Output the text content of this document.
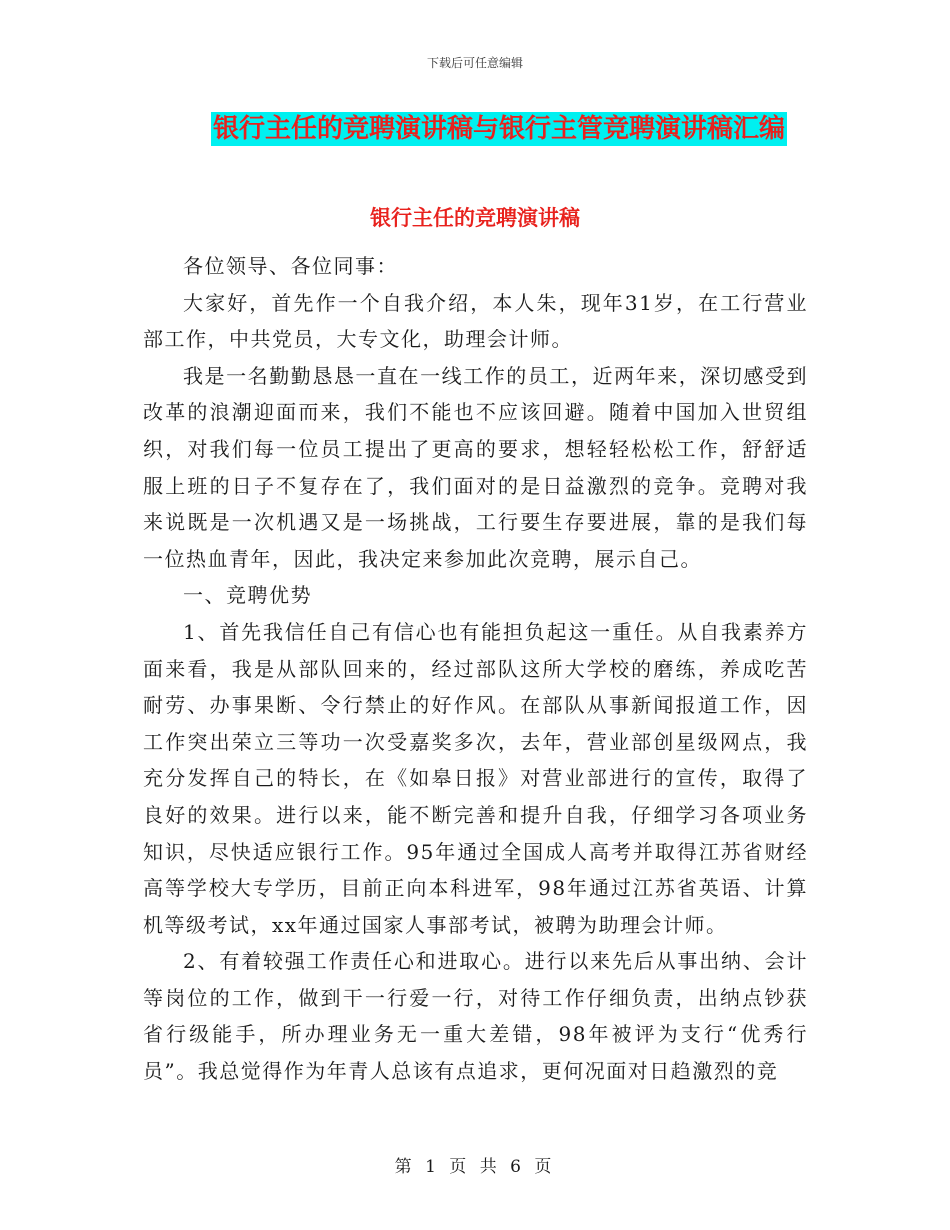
下载后可任意编辑
银行主任的竞聘演讲稿与银行主管竞聘演讲稿汇编
银行主任的竞聘演讲稿

各位领导、各位同事：

大家好，首先作一个自我介绍，本人朱，现年31岁，在工行营业部工作，中共党员，大专文化，助理会计师。

我是一名勤勤恳恳一直在一线工作的员工，近两年来，深切感受到改革的浪潮迎面而来，我们不能也不应该回避。随着中国加入世贸组织，对我们每一位员工提出了更高的要求，想轻轻松松工作，舒舒适服上班的日子不复存在了，我们面对的是日益激烈的竞争。竞聘对我来说既是一次机遇又是一场挑战，工行要生存要进展，靠的是我们每一位热血青年，因此，我决定来参加此次竞聘，展示自己。

一、竞聘优势

1、首先我信任自己有信心也有能担负起这一重任。从自我素养方面来看，我是从部队回来的，经过部队这所大学校的磨练，养成吃苦耐劳、办事果断、令行禁止的好作风。在部队从事新闻报道工作，因工作突出荣立三等功一次受嘉奖多次，去年，营业部创星级网点，我充分发挥自己的特长，在《如皋日报》对营业部进行的宣传，取得了良好的效果。进行以来，能不断完善和提升自我，仔细学习各项业务知识，尽快适应银行工作。95年通过全国成人高考并取得江苏省财经高等学校大专学历，目前正向本科进军，98年通过江苏省英语、计算机等级考试，xx年通过国家人事部考试，被聘为助理会计师。

2、有着较强工作责任心和进取心。进行以来先后从事出纳、会计等岗位的工作，做到干一行爱一行，对待工作仔细负责，出纳点钞获省行级能手，所办理业务无一重大差错，98年被评为支行“优秀行员”。我总觉得作为年青人总该有点追求，更何况面对日趋激烈的竞

第 1 页 共 6 页
